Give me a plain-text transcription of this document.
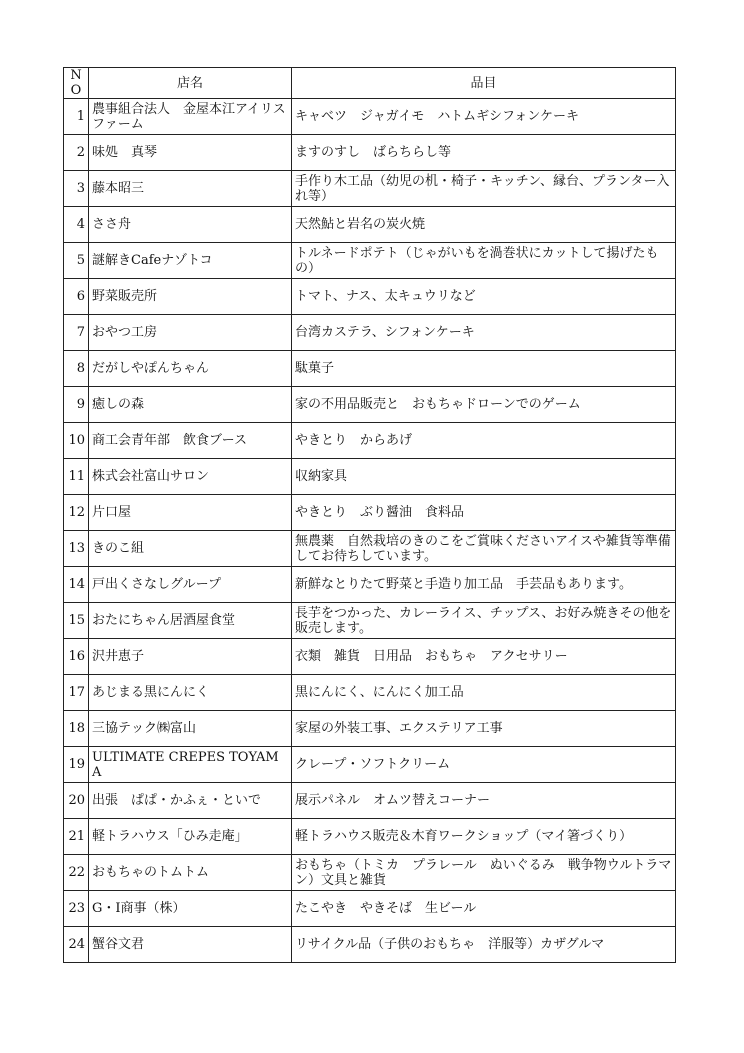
NO	店名	品目
1	農事組合法人　金屋本江アイリスファーム	キャベツ　ジャガイモ　ハトムギシフォンケーキ
2	味処　真琴	ますのすし　ばらちらし等
3	藤本昭三	手作り木工品（幼児の机・椅子・キッチン、縁台、プランター入れ等）
4	ささ舟	天然鮎と岩名の炭火焼
5	謎解きCafeナゾトコ	トルネードポテト（じゃがいもを渦巻状にカットして揚げたもの）
6	野菜販売所	トマト、ナス、太キュウリなど
7	おやつ工房	台湾カステラ、シフォンケーキ
8	だがしやぽんちゃん	駄菓子
9	癒しの森	家の不用品販売と　おもちゃドローンでのゲーム
10	商工会青年部　飲食ブース	やきとり　からあげ
11	株式会社富山サロン	収納家具
12	片口屋	やきとり　ぶり醤油　食料品
13	きのこ組	無農薬　自然栽培のきのこをご賞味くださいアイスや雑貨等準備してお待ちしています。
14	戸出くさなしグループ	新鮮なとりたて野菜と手造り加工品　手芸品もあります。
15	おたにちゃん居酒屋食堂	長芋をつかった、カレーライス、チップス、お好み焼きその他を販売します。
16	沢井恵子	衣類　雑貨　日用品　おもちゃ　アクセサリー
17	あじまる黒にんにく	黒にんにく、にんにく加工品
18	三協テック㈱富山	家屋の外装工事、エクステリア工事
19	ULTIMATE CREPES TOYAMA	クレープ・ソフトクリーム
20	出張　ぱぱ・かふぇ・といで	展示パネル　オムツ替えコーナー
21	軽トラハウス「ひみ走庵」	軽トラハウス販売＆木育ワークショップ（マイ箸づくり）
22	おもちゃのトムトム	おもちゃ（トミカ　プラレール　ぬいぐるみ　戦争物ウルトラマン）文具と雑貨
23	G・I商事（株）	たこやき　やきそば　生ビール
24	蟹谷文君	リサイクル品（子供のおもちゃ　洋服等）カザグルマ
